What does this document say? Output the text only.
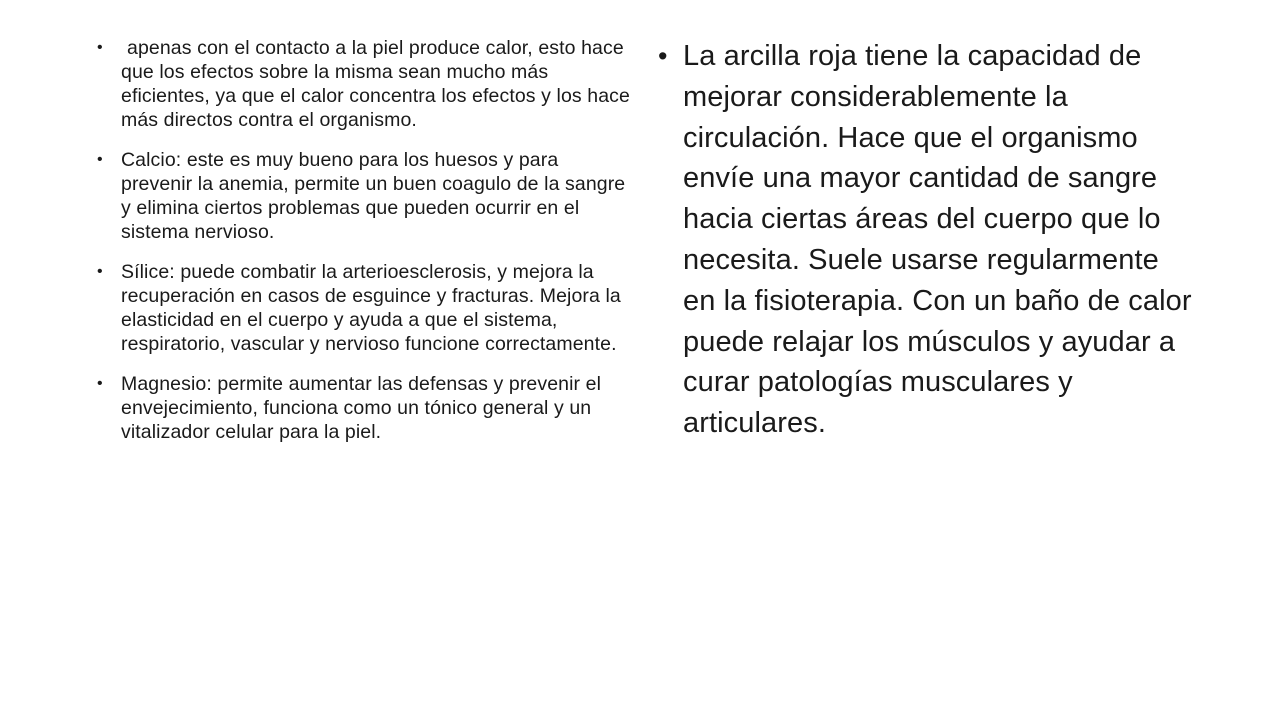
• apenas con el contacto a la piel produce calor, esto hace que los efectos sobre la misma sean mucho más eficientes, ya que el calor concentra los efectos y los hace más directos contra el organismo.
• Calcio: este es muy bueno para los huesos y para prevenir la anemia, permite un buen coagulo de la sangre y elimina ciertos problemas que pueden ocurrir en el sistema nervioso.
• Sílice: puede combatir la arterioesclerosis, y mejora la recuperación en casos de esguince y fracturas. Mejora la elasticidad en el cuerpo y ayuda a que el sistema, respiratorio, vascular y nervioso funcione correctamente.
• Magnesio: permite aumentar las defensas y prevenir el envejecimiento, funciona como un tónico general y un vitalizador celular para la piel.
• La arcilla roja tiene la capacidad de mejorar considerablemente la circulación. Hace que el organismo envíe una mayor cantidad de sangre hacia ciertas áreas del cuerpo que lo necesita. Suele usarse regularmente en la fisioterapia. Con un baño de calor puede relajar los músculos y ayudar a curar patologías musculares y articulares.
